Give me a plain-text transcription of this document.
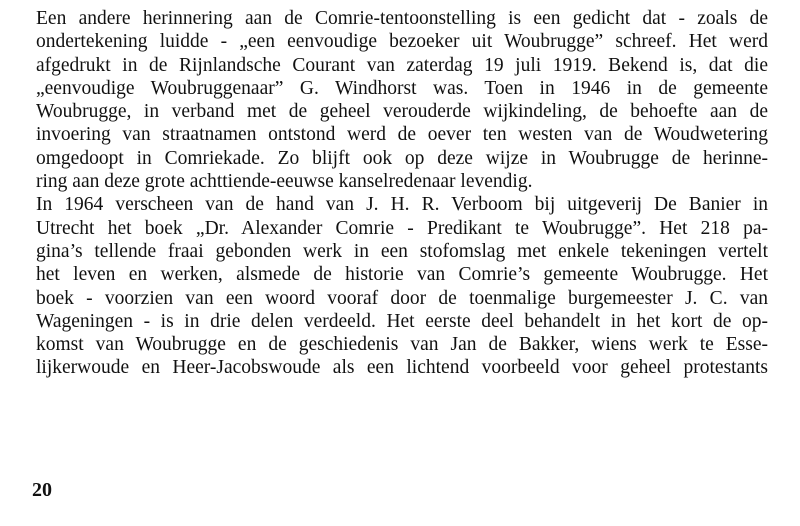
Een andere herinnering aan de Comrie-tentoonstelling is een gedicht dat - zoals de
ondertekening luidde - „een eenvoudige bezoeker uit Woubrugge” schreef. Het werd
afgedrukt in de Rijnlandsche Courant van zaterdag 19 juli 1919. Bekend is, dat die
„eenvoudige Woubruggenaar” G. Windhorst was. Toen in 1946 in de gemeente
Woubrugge, in verband met de geheel verouderde wijkindeling, de behoefte aan de
invoering van straatnamen ontstond werd de oever ten westen van de Woudwetering
omgedoopt in Comriekade. Zo blijft ook op deze wijze in Woubrugge de herinne-
ring aan deze grote achttiende-eeuwse kanselredenaar levendig.
In 1964 verscheen van de hand van J. H. R. Verboom bij uitgeverij De Banier in
Utrecht het boek „Dr. Alexander Comrie - Predikant te Woubrugge”. Het 218 pa-
gina’s tellende fraai gebonden werk in een stofomslag met enkele tekeningen vertelt
het leven en werken, alsmede de historie van Comrie’s gemeente Woubrugge. Het
boek - voorzien van een woord vooraf door de toenmalige burgemeester J. C. van
Wageningen - is in drie delen verdeeld. Het eerste deel behandelt in het kort de op-
komst van Woubrugge en de geschiedenis van Jan de Bakker, wiens werk te Esse-
lijkerwoude en Heer-Jacobswoude als een lichtend voorbeeld voor geheel protestants
20
